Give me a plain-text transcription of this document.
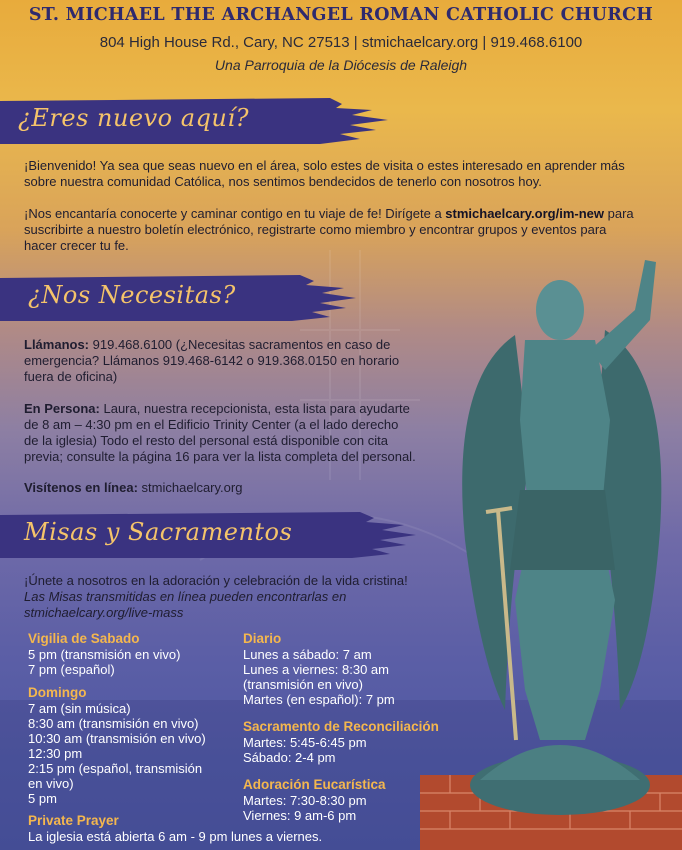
ST. MICHAEL THE ARCHANGEL ROMAN CATHOLIC CHURCH
804 High House Rd., Cary, NC 27513 | stmichaelcary.org | 919.468.6100
Una Parroquia de la Diócesis de Raleigh
¿Eres nuevo aquí?
¡Bienvenido! Ya sea que seas nuevo en el área, solo estes de visita o estes interesado en aprender más sobre nuestra comunidad Católica, nos sentimos bendecidos de tenerlo con nosotros hoy.
¡Nos encantaría conocerte y caminar contigo en tu viaje de fe! Dirígete a stmichaelcary.org/im-new para suscribirte a nuestro boletín electrónico, registrarte como miembro y encontrar grupos y eventos para hacer crecer tu fe.
¿Nos Necesitas?
Llámanos: 919.468.6100 (¿Necesitas sacramentos en caso de emergencia? Llámanos 919.468-6142 o 919.368.0150 en horario fuera de oficina)
En Persona: Laura, nuestra recepcionista, esta lista para ayudarte de 8 am – 4:30 pm en el Edificio Trinity Center (a el lado derecho de la iglesia) Todo el resto del personal está disponible con cita previa; consulte la página 16 para ver la lista completa del personal.
Visítenos en línea: stmichaelcary.org
Misas y Sacramentos
¡Únete a nosotros en la adoración y celebración de la vida cristina!
Las Misas transmitidas en línea pueden encontrarlas en stmichaelcary.org/live-mass
Vigilia de Sabado
5 pm (transmisión en vivo)
7 pm (español)
Domingo
7 am (sin música)
8:30 am (transmisión en vivo)
10:30 am (transmisión en vivo)
12:30 pm
2:15 pm (español, transmisión
en vivo)
5 pm
Private Prayer
La iglesia está abierta 6 am - 9 pm lunes a viernes.
Diario
Lunes a sábado: 7 am
Lunes a viernes: 8:30 am
(transmisión en vivo)
Martes (en español): 7 pm
Sacramento de Reconciliación
Martes: 5:45-6:45 pm
Sábado: 2-4 pm
Adoración Eucarística
Martes: 7:30-8:30 pm
Viernes: 9 am-6 pm
